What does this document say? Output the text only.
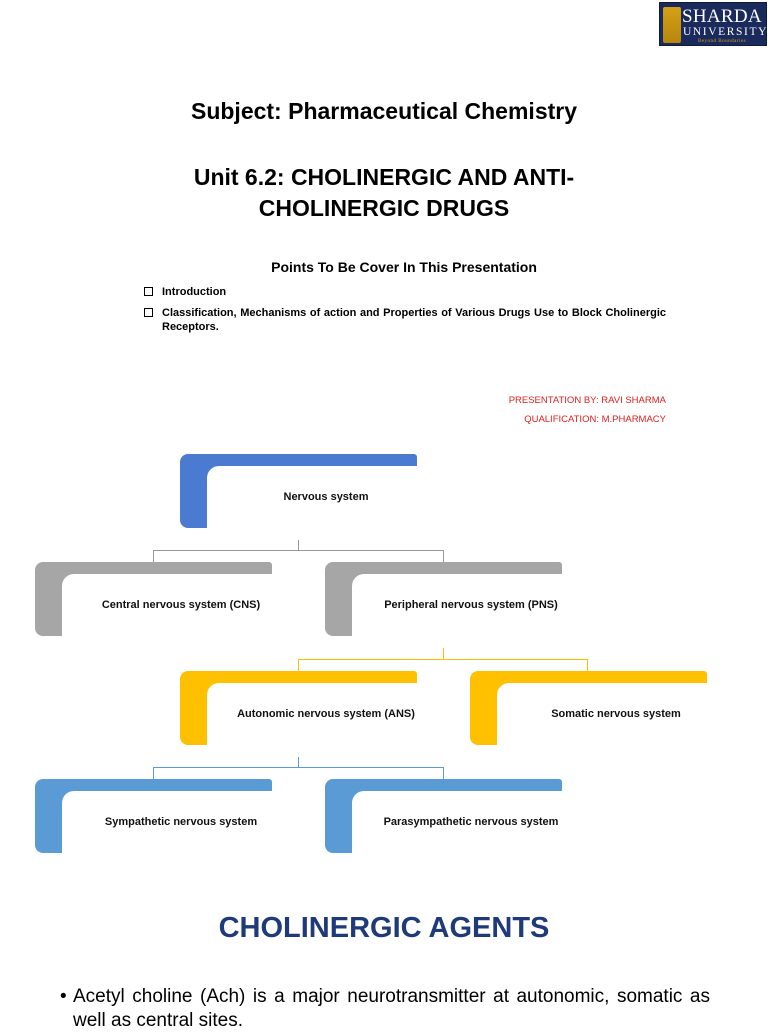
SHARDA
UNIVERSITY
Beyond Boundaries
Subject: Pharmaceutical Chemistry
Unit 6.2: CHOLINERGIC AND ANTI-CHOLINERGIC DRUGS
Points To Be Cover In This Presentation
Introduction
Classification, Mechanisms of action and Properties of Various Drugs Use to Block Cholinergic Receptors.
PRESENTATION BY: RAVI SHARMA
QUALIFICATION: M.PHARMACY
Nervous system
Central nervous system (CNS)	Peripheral nervous system (PNS)
Autonomic nervous system (ANS)	Somatic nervous system
Sympathetic nervous system	Parasympathetic nervous system
CHOLINERGIC AGENTS
• Acetyl choline (Ach) is a major neurotransmitter at autonomic, somatic as well as central sites.
